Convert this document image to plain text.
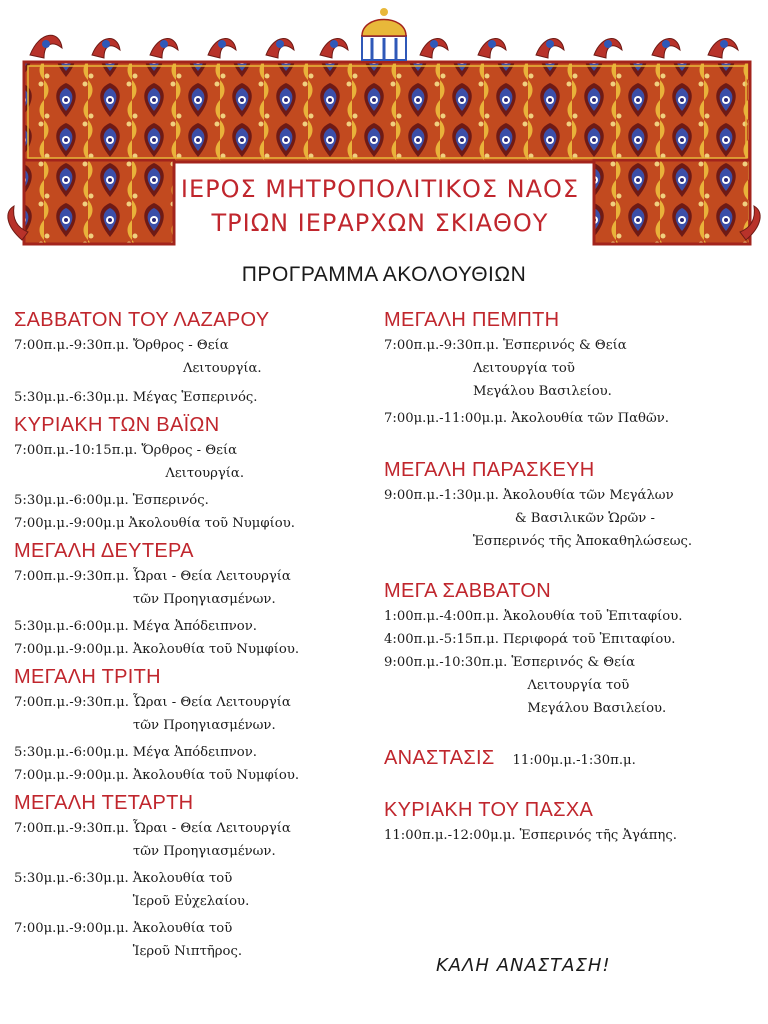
ΙΕΡΟΣ ΜΗΤΡΟΠΟΛΙΤΙΚΟΣ ΝΑΟΣ
ΤΡΙΩΝ ΙΕΡΑΡΧΩΝ ΣΚΙΑΘΟΥ
ΠΡΟΓΡΑΜΜΑ ΑΚΟΛΟΥΘΙΩΝ
ΣΑΒΒΑΤΟΝ ΤΟΥ ΛΑΖΑΡΟΥ
7:00π.μ.-9:30π.μ. Ὄρθρος - Θεία
Λειτουργία.
5:30μ.μ.-6:30μ.μ. Μέγας Ἑσπερινός.
ΚΥΡΙΑΚΗ ΤΩΝ ΒΑΪΩΝ
7:00π.μ.-10:15π.μ. Ὄρθρος - Θεία
Λειτουργία.
5:30μ.μ.-6:00μ.μ. Ἑσπερινός.
7:00μ.μ.-9:00μ.μ Ἀκολουθία τοῦ Νυμφίου.
ΜΕΓΑΛΗ ΔΕΥΤΕΡΑ
7:00π.μ.-9:30π.μ. Ὧραι - Θεία Λειτουργία
τῶν Προηγιασμένων.
5:30μ.μ.-6:00μ.μ. Μέγα Ἀπόδειπνον.
7:00μ.μ.-9:00μ.μ. Ἀκολουθία τοῦ Νυμφίου.
ΜΕΓΑΛΗ ΤΡΙΤΗ
7:00π.μ.-9:30π.μ. Ὧραι - Θεία Λειτουργία
τῶν Προηγιασμένων.
5:30μ.μ.-6:00μ.μ. Μέγα Ἀπόδειπνον.
7:00μ.μ.-9:00μ.μ. Ἀκολουθία τοῦ Νυμφίου.
ΜΕΓΑΛΗ ΤΕΤΑΡΤΗ
7:00π.μ.-9:30π.μ. Ὧραι - Θεία Λειτουργία
τῶν Προηγιασμένων.
5:30μ.μ.-6:30μ.μ. Ἀκολουθία τοῦ
Ἱεροῦ Εὐχελαίου.
7:00μ.μ.-9:00μ.μ. Ἀκολουθία τοῦ
Ἱεροῦ Νιπτῆρος.
ΜΕΓΑΛΗ ΠΕΜΠΤΗ
7:00π.μ.-9:30π.μ. Ἑσπερινός & Θεία
Λειτουργία τοῦ
Μεγάλου Βασιλείου.
7:00μ.μ.-11:00μ.μ. Ἀκολουθία τῶν Παθῶν.
ΜΕΓΑΛΗ ΠΑΡΑΣΚΕΥΗ
9:00π.μ.-1:30μ.μ. Ἀκολουθία τῶν Μεγάλων
& Βασιλικῶν Ὡρῶν -
Ἑσπερινός τῆς Ἀποκαθηλώσεως.
ΜΕΓΑ ΣΑΒΒΑΤΟΝ
1:00π.μ.-4:00π.μ. Ἀκολουθία τοῦ Ἐπιταφίου.
4:00π.μ.-5:15π.μ. Περιφορά τοῦ Ἐπιταφίου.
9:00π.μ.-10:30π.μ. Ἑσπερινός & Θεία
Λειτουργία τοῦ
Μεγάλου Βασιλείου.
ΑΝΑΣΤΑΣΙΣ 11:00μ.μ.-1:30π.μ.
ΚΥΡΙΑΚΗ ΤΟΥ ΠΑΣΧΑ
11:00π.μ.-12:00μ.μ. Ἑσπερινός τῆς Ἀγάπης.
ΚΑΛΗ ΑΝΑΣΤΑΣΗ!
